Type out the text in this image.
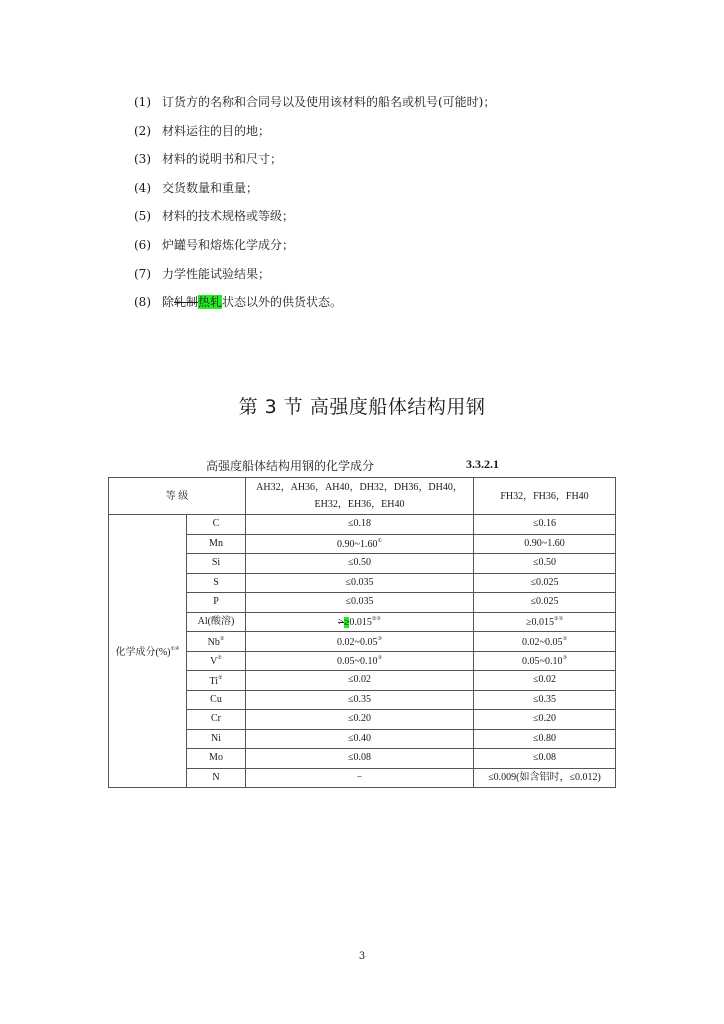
(1) 订货方的名称和合同号以及使用该材料的船名或机号(可能时)；
(2) 材料运往的目的地；
(3) 材料的说明书和尺寸；
(4) 交货数量和重量；
(5) 材料的技术规格或等级；
(6) 炉罐号和熔炼化学成分；
(7) 力学性能试验结果；
(8) 除轧制热轧状态以外的供货状态。
第 3 节 高强度船体结构用钢
高强度船体结构用钢的化学成分	3.3.2.1
等 级		AH32，AH36，AH40，DH32，DH36，DH40，
EH32，EH36，EH40	FH32，FH36，FH40
化学成分(%)①④	C	≤0.18	≤0.16
	Mn	0.90~1.60①	0.90~1.60
	Si	≤0.50	≤0.50
	S	≤0.035	≤0.025
	P	≤0.035	≤0.025
	Al(酸溶)	>≥0.015②③	≥0.015②③
	Nb②	0.02~0.05③	0.02~0.05③
	V②	0.05~0.10③	0.05~0.10③
	Ti②	≤0.02	≤0.02
	Cu	≤0.35	≤0.35
	Cr	≤0.20	≤0.20
	Ni	≤0.40	≤0.80
	Mo	≤0.08	≤0.08
	N	−	≤0.009(如含铝时，≤0.012)
3
